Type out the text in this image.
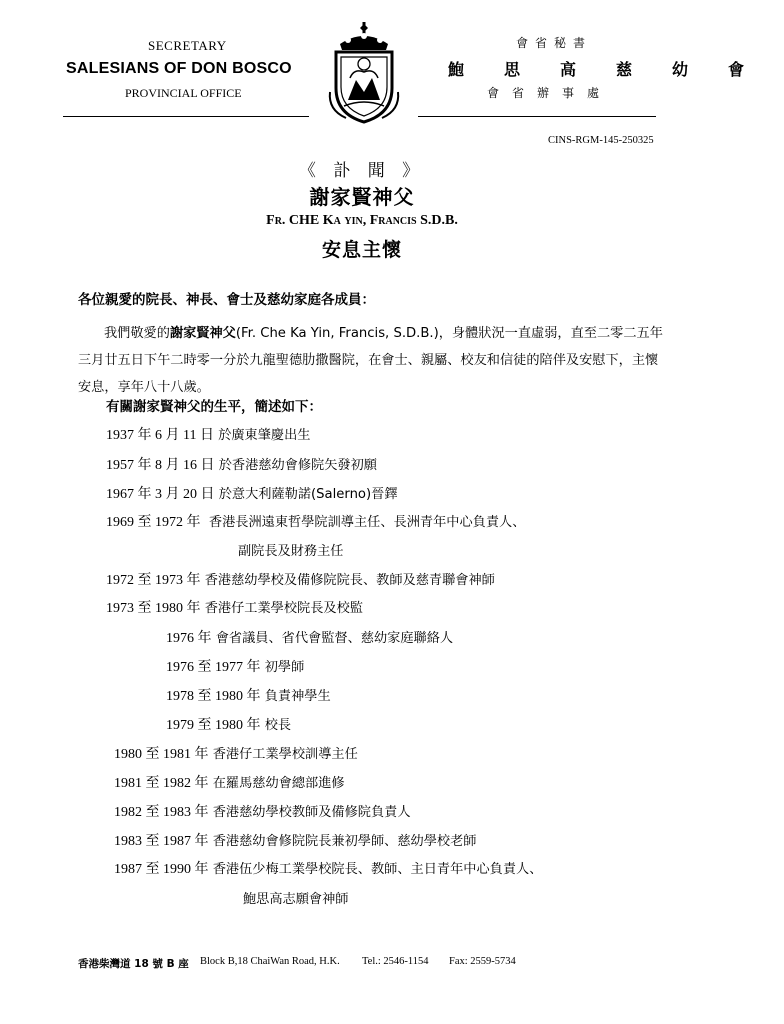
SECRETARY
SALESIANS OF DON BOSCO
PROVINCIAL OFFICE
會省秘書
鮑思高慈幼會
會省辦事處
CINS-RGM-145-250325
《 訃 聞 》
謝家賢神父
Fr. CHE Ka yin, Francis S.D.B.
安息主懷
各位親愛的院長、神長、會士及慈幼家庭各成員：
我們敬愛的謝家賢神父(Fr. Che Ka Yin, Francis, S.D.B.)，身體狀況一直虛弱，直至二零二五年三月廿五日下午二時零一分於九龍聖德肋撒醫院，在會士、親屬、校友和信徒的陪伴及安慰下，主懷安息，享年八十八歲。
有關謝家賢神父的生平，簡述如下：
1937 年 6 月 11 日 於廣東肇慶出生
1957 年 8 月 16 日 於香港慈幼會修院矢發初願
1967 年 3 月 20 日 於意大利薩勒諾(Salerno)晉鐸
1969 至 1972 年 香港長洲遠東哲學院訓導主任、長洲青年中心負責人、
副院長及財務主任
1972 至 1973 年 香港慈幼學校及備修院院長、教師及慈青聯會神師
1973 至 1980 年 香港仔工業學校院長及校監
1976 年 會省議員、省代會監督、慈幼家庭聯絡人
1976 至 1977 年 初學師
1978 至 1980 年 負責神學生
1979 至 1980 年 校長
1980 至 1981 年 香港仔工業學校訓導主任
1981 至 1982 年 在羅馬慈幼會總部進修
1982 至 1983 年 香港慈幼學校教師及備修院負責人
1983 至 1987 年 香港慈幼會修院院長兼初學師、慈幼學校老師
1987 至 1990 年 香港伍少梅工業學校院長、教師、主日青年中心負責人、
鮑思高志願會神師
香港柴灣道 18 號 B 座 Block B,18 ChaiWan Road, H.K. Tel.: 2546-1154 Fax: 2559-5734
